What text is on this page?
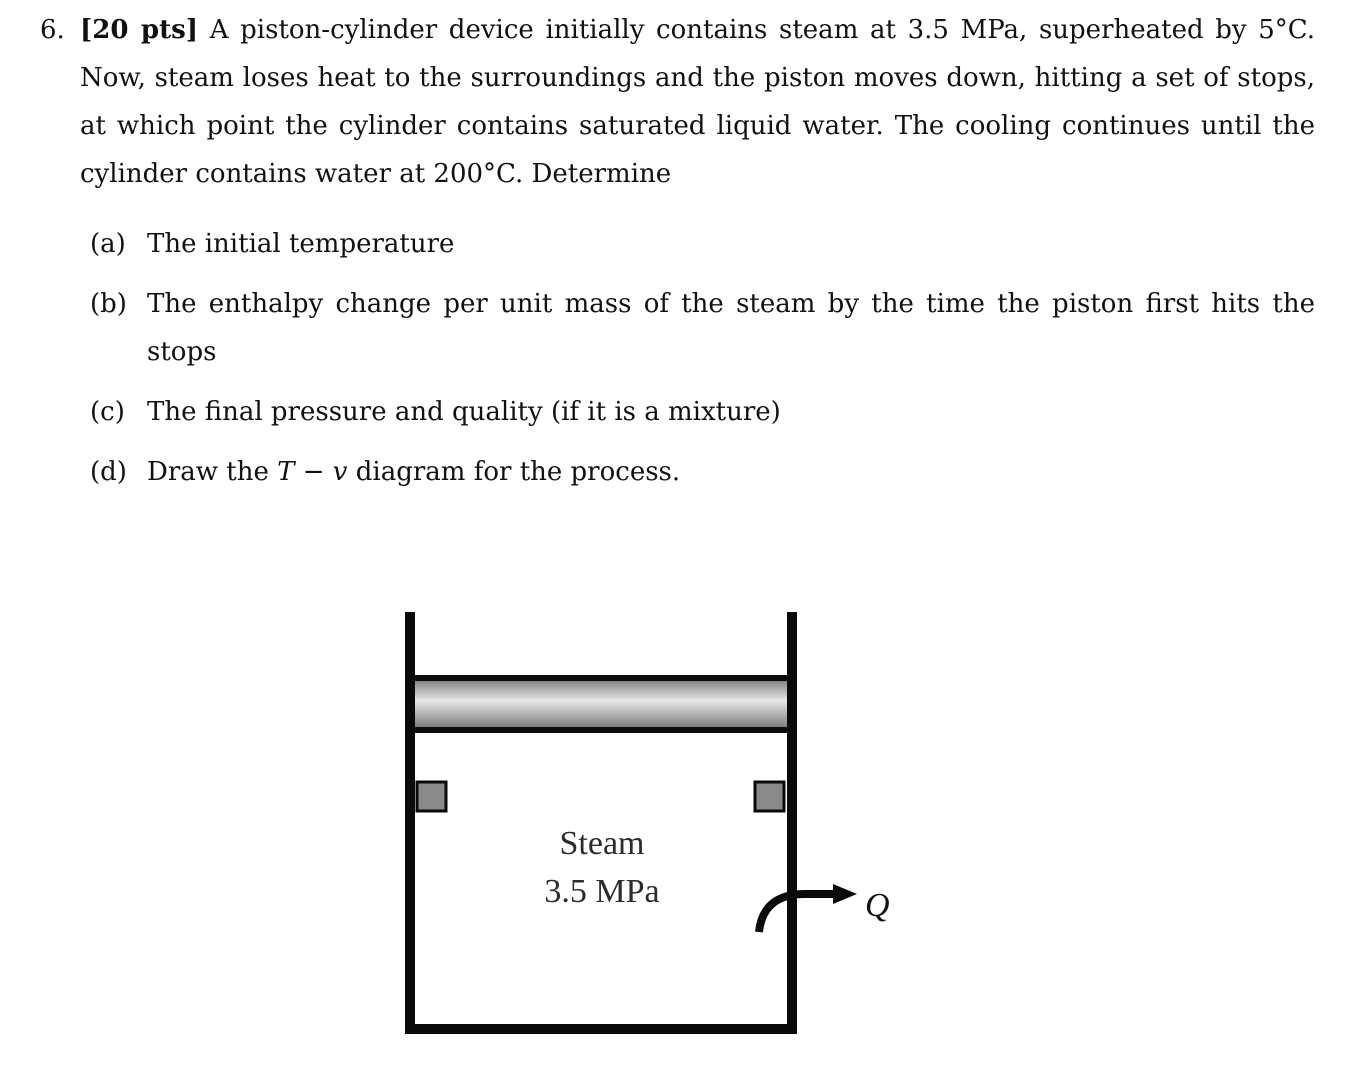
6. [20 pts] A piston-cylinder device initially contains steam at 3.5 MPa, superheated by 5°C. Now, steam loses heat to the surroundings and the piston moves down, hitting a set of stops, at which point the cylinder contains saturated liquid water. The cooling continues until the cylinder contains water at 200°C. Determine
(a) The initial temperature
(b) The enthalpy change per unit mass of the steam by the time the piston first hits the stops
(c) The final pressure and quality (if it is a mixture)
(d) Draw the T − v diagram for the process.
Steam
3.5 MPa	Q
